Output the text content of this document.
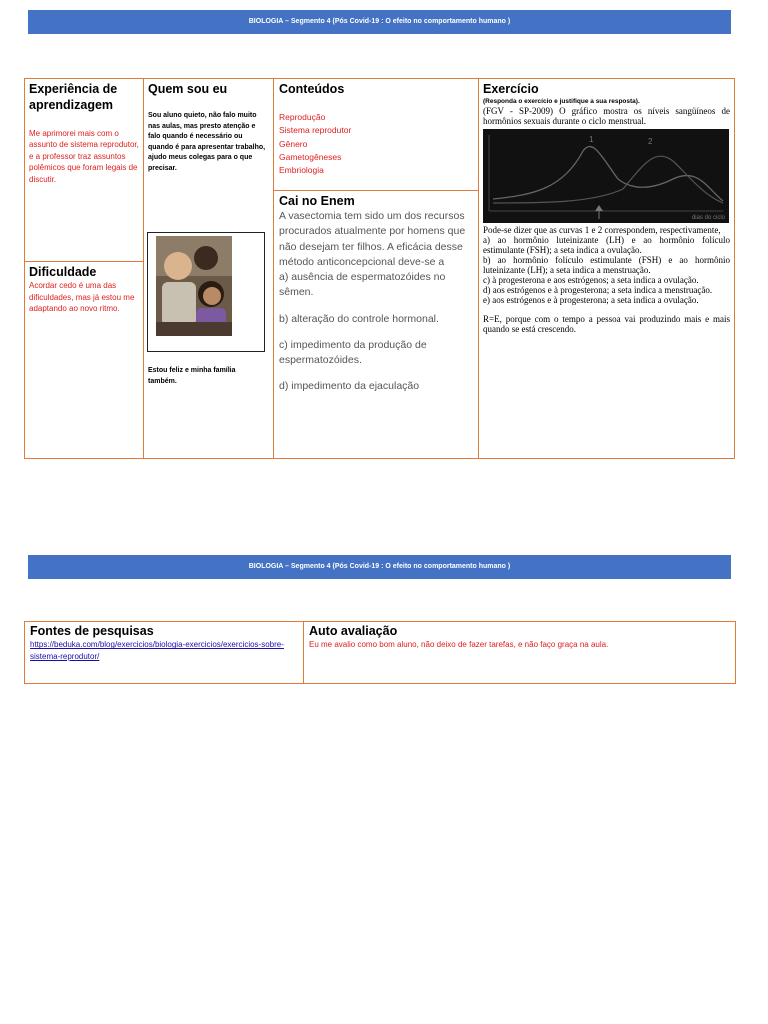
BIOLOGIA – Segmento 4 (Pós Covid-19 : O efeito no comportamento humano )
Experiência de aprendizagem
Me aprimorei mais com o assunto de sistema reprodutor, e a professor traz assuntos polêmicos que foram legais de discutir.
Dificuldade
Acordar cedo é uma das dificuldades, mas já estou me adaptando ao novo ritmo.
Quem sou eu
Sou aluno quieto, não falo muito nas aulas, mas presto atenção e falo quando é necessário ou quando é para apresentar trabalho, ajudo meus colegas para o que precisar.
Estou feliz e minha família também.
Conteúdos
Reprodução
Sistema reprodutor
Gênero
Gametogêneses
Embriologia
Cai no Enem
A vasectomia tem sido um dos recursos procurados atualmente por homens que não desejam ter filhos. A eficácia desse método anticoncepcional deve-se a
a) ausência de espermatozóides no sêmen.
b) alteração do controle hormonal.
c) impedimento da produção de espermatozóides.
d) impedimento da ejaculação
Exercício
(Responda o exercício e justifique a sua resposta).
(FGV - SP-2009) O gráfico mostra os níveis sangüíneos de hormônios sexuais durante o ciclo menstrual.
1	2
dias do ciclo
Pode-se dizer que as curvas 1 e 2 correspondem, respectivamente,
a) ao hormônio luteinizante (LH) e ao hormônio folículo estimulante (FSH); a seta indica a ovulação.
b) ao hormônio folículo estimulante (FSH) e ao hormônio luteinizante (LH); a seta indica a menstruação.
c) à progesterona e aos estrógenos; a seta indica a ovulação.
d) aos estrógenos e à progesterona; a seta indica a menstruação.
e) aos estrógenos e à progesterona; a seta indica a ovulação.
R=E, porque com o tempo a pessoa vai produzindo mais e mais quando se está crescendo.
BIOLOGIA – Segmento 4 (Pós Covid-19 : O efeito no comportamento humano )
Fontes de pesquisas
https://beduka.com/blog/exercicios/biologia-exercicios/exercicios-sobre-sistema-reprodutor/
Auto avaliação
Eu me avalio como bom aluno, não deixo de fazer tarefas, e não faço graça na aula.
